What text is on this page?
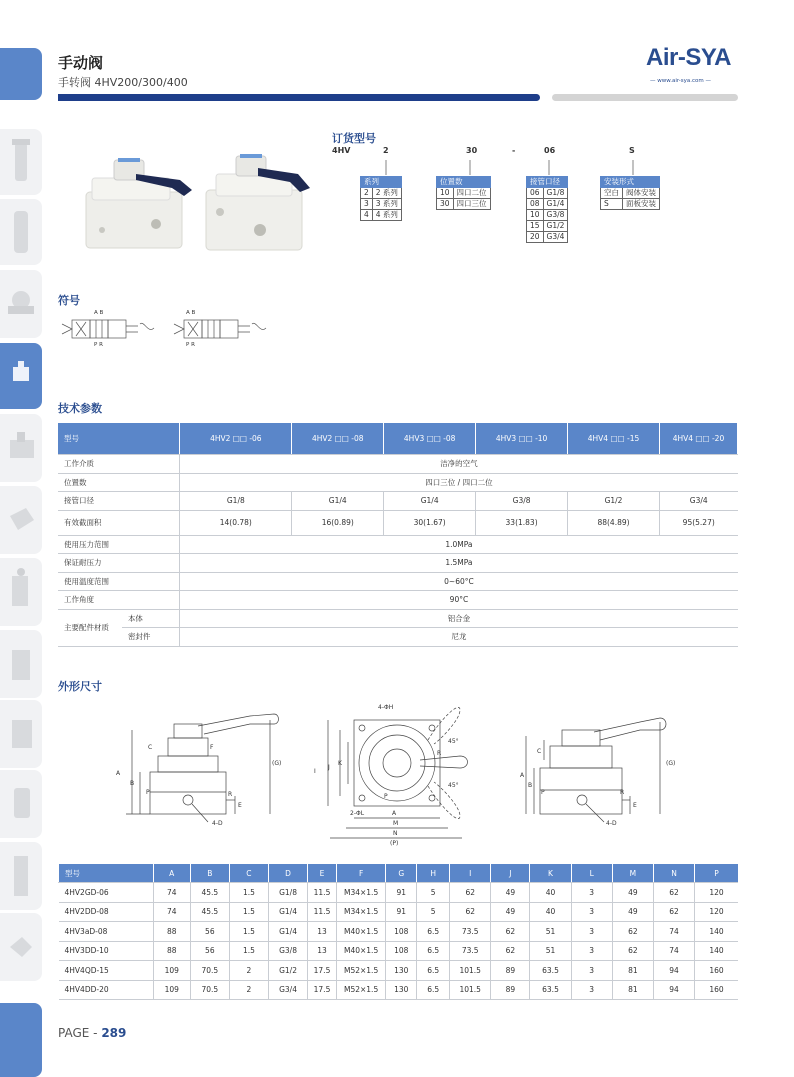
手动阀
手转阀 4HV200/300/400
Air-SYA
— www.air-sya.com —
订货型号
4HV	2	30	-	06	S
系列	
2	2 系列
3	3 系列
4	4 系列
位置数	
10	四口二位
30	四口三位
接管口径	
06	G1/8
08	G1/4
10	G3/8
15	G1/2
20	G3/4
安装形式	
空白	阀体安装
S	面板安装
符号
A B
P R
A B
P R
技术参数
型号		4HV2 □□ -06	4HV2 □□ -08	4HV3 □□ -08	4HV3 □□ -10	4HV4 □□ -15	4HV4 □□ -20
工作介质		洁净的空气					
位置数		四口三位 / 四口二位					
接管口径		G1/8	G1/4	G1/4	G3/8	G1/2	G3/4
有效截面积		14(0.78)	16(0.89)	30(1.67)	33(1.83)	88(4.89)	95(5.27)
使用压力范围		1.0MPa					
保证耐压力		1.5MPa					
使用温度范围		0~60°C					
工作角度		90°C					
主要配件材质	本体	铝合金					
	密封件	尼龙					
外形尺寸
A
B
C	F
(G)
E
P	R
4-D
4-ΦH
I
J
K
45°
45°
2-ΦL	A
M
N
(P)
P
R
A
B
C
(G)
E
P	R
4-D
型号	A	B	C	D	E	F	G	H	I	J	K	L	M	N	P
4HV2GD-06	74	45.5	1.5	G1/8	11.5	M34×1.5	91	5	62	49	40	3	49	62	120
4HV2DD-08	74	45.5	1.5	G1/4	11.5	M34×1.5	91	5	62	49	40	3	49	62	120
4HV3aD-08	88	56	1.5	G1/4	13	M40×1.5	108	6.5	73.5	62	51	3	62	74	140
4HV3DD-10	88	56	1.5	G3/8	13	M40×1.5	108	6.5	73.5	62	51	3	62	74	140
4HV4QD-15	109	70.5	2	G1/2	17.5	M52×1.5	130	6.5	101.5	89	63.5	3	81	94	160
4HV4DD-20	109	70.5	2	G3/4	17.5	M52×1.5	130	6.5	101.5	89	63.5	3	81	94	160
PAGE - 289
